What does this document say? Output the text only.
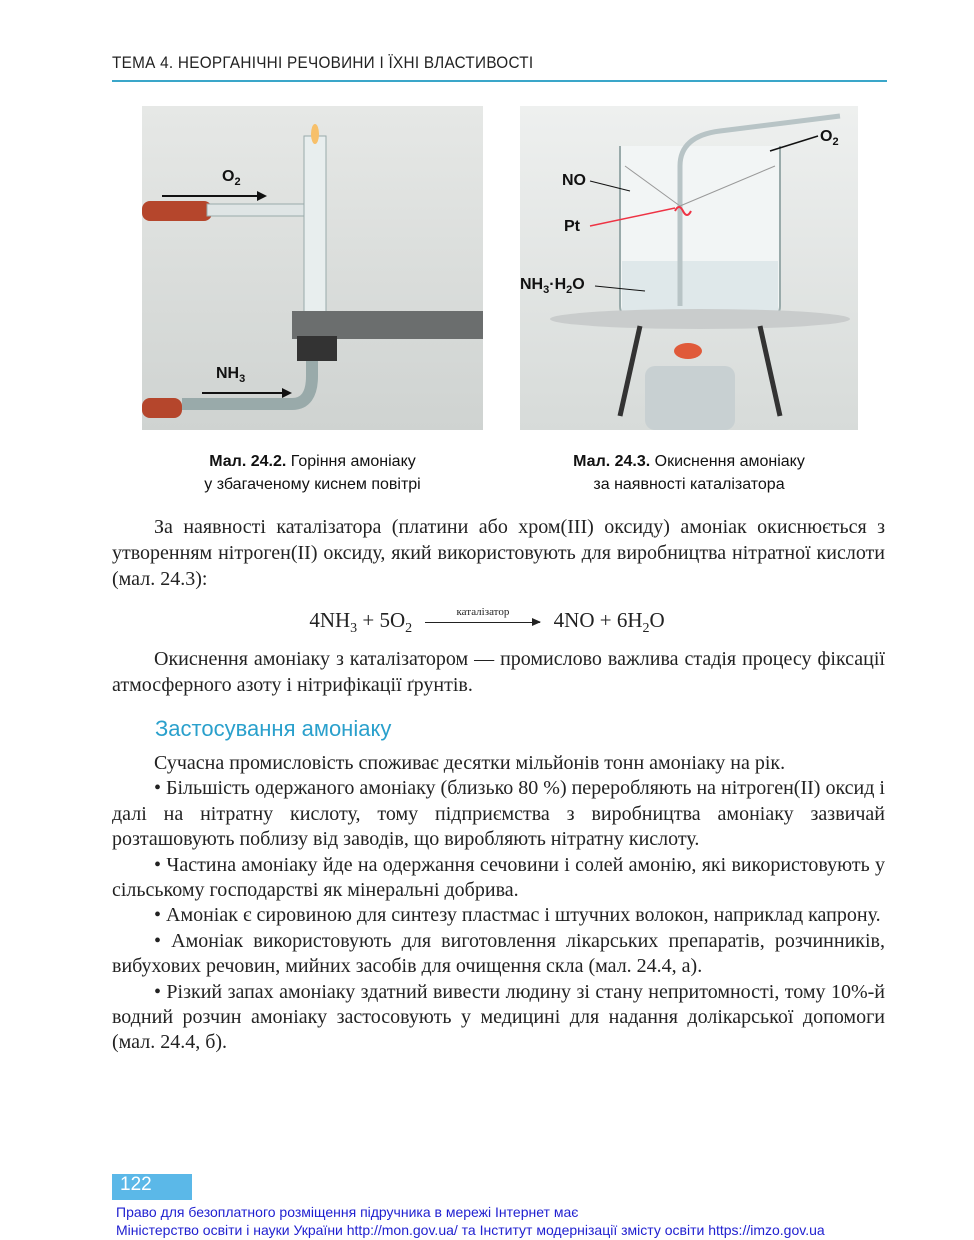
ТЕМА 4. НЕОРГАНІЧНІ РЕЧОВИНИ І ЇХНІ ВЛАСТИВОСТІ
$O_2$
$NH_3$
$O_2$
NO
Pt
$NH_3\cdot H_2O$
Мал. 24.2. Горіння амоніаку
у збагаченому киснем повітрі
Мал. 24.3. Окиснення амоніаку
за наявності каталізатора

За наявності каталізатора (платини або хром(III) оксиду) амоніак окиснюється з утворенням нітроген(II) оксиду, який використовують для виробництва нітратної кислоти (мал. 24.3):

$4NH_3 + 5O_2$
каталізатор	$4NO + 6H_2O$

Окиснення амоніаку з каталізатором — промислово важлива стадія процесу фіксації атмосферного азоту і нітрифікації ґрунтів.

Застосування амоніаку

Сучасна промисловість споживає десятки мільйонів тонн амоніаку на рік.

• Більшість одержаного амоніаку (близько 80 %) переробляють на нітроген(II) оксид і далі на нітратну кислоту, тому підприємства з виробництва амоніаку зазвичай розташовують поблизу від заводів, що виробляють нітратну кислоту.

• Частина амоніаку йде на одержання сечовини і солей амонію, які використовують у сільському господарстві як мінеральні добрива.

• Амоніак є сировиною для синтезу пластмас і штучних волокон, наприклад капрону.

• Амоніак використовують для виготовлення лікарських препаратів, розчинників, вибухових речовин, мийних засобів для очищення скла (мал. 24.4, а).

• Різкий запах амоніаку здатний вивести людину зі стану непритомності, тому 10%-й водний розчин амоніаку застосовують у медицині для надання долікарської допомоги (мал. 24.4, б).

122
Право для безоплатного розміщення підручника в мережі Інтернет має
Міністерство освіти і науки України http://mon.gov.ua/ та Інститут модернізації змісту освіти https://imzo.gov.ua
